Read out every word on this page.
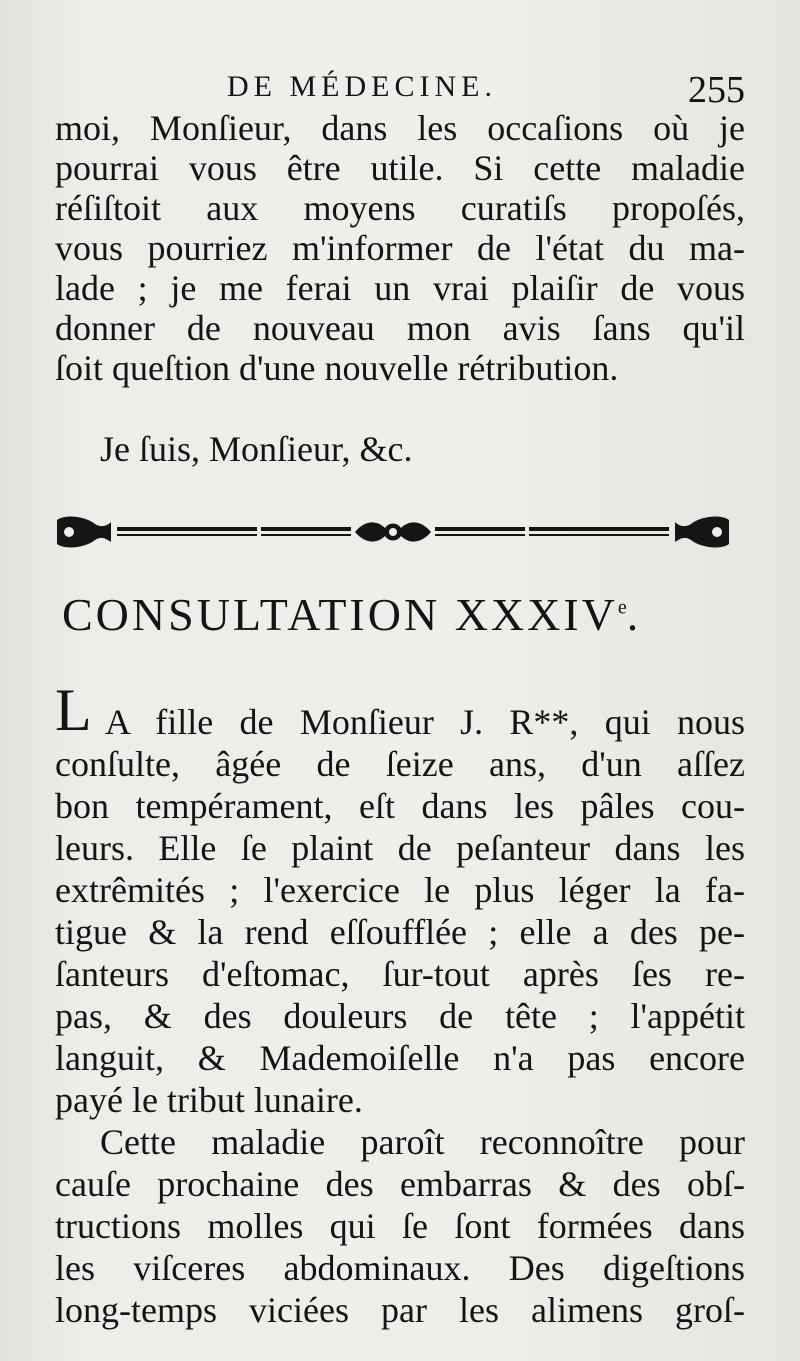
DE MÉDECINE.	255
moi, Monſieur, dans les occaſions où je
pourrai vous être utile. Si cette maladie
réſiſtoit aux moyens curatiſs propoſés,
vous pourriez m'informer de l'état du ma-
lade ; je me ferai un vrai plaiſir de vous
donner de nouveau mon avis ſans qu'il
ſoit queſtion d'une nouvelle rétribution.
Je ſuis, Monſieur, &c.
CONSULTATION XXXIVe.
L A fille de Monſieur J. R**, qui nous
conſulte, âgée de ſeize ans, d'un aſſez
bon tempérament, eſt dans les pâles cou-
leurs. Elle ſe plaint de peſanteur dans les
extrêmités ; l'exercice le plus léger la fa-
tigue & la rend eſſoufflée ; elle a des pe-
ſanteurs d'eſtomac, ſur-tout après ſes re-
pas, & des douleurs de tête ; l'appétit
languit, & Mademoiſelle n'a pas encore
payé le tribut lunaire.
Cette maladie paroît reconnoître pour
cauſe prochaine des embarras & des obſ-
tructions molles qui ſe ſont formées dans
les viſceres abdominaux. Des digeſtions
long-temps viciées par les alimens groſ-
